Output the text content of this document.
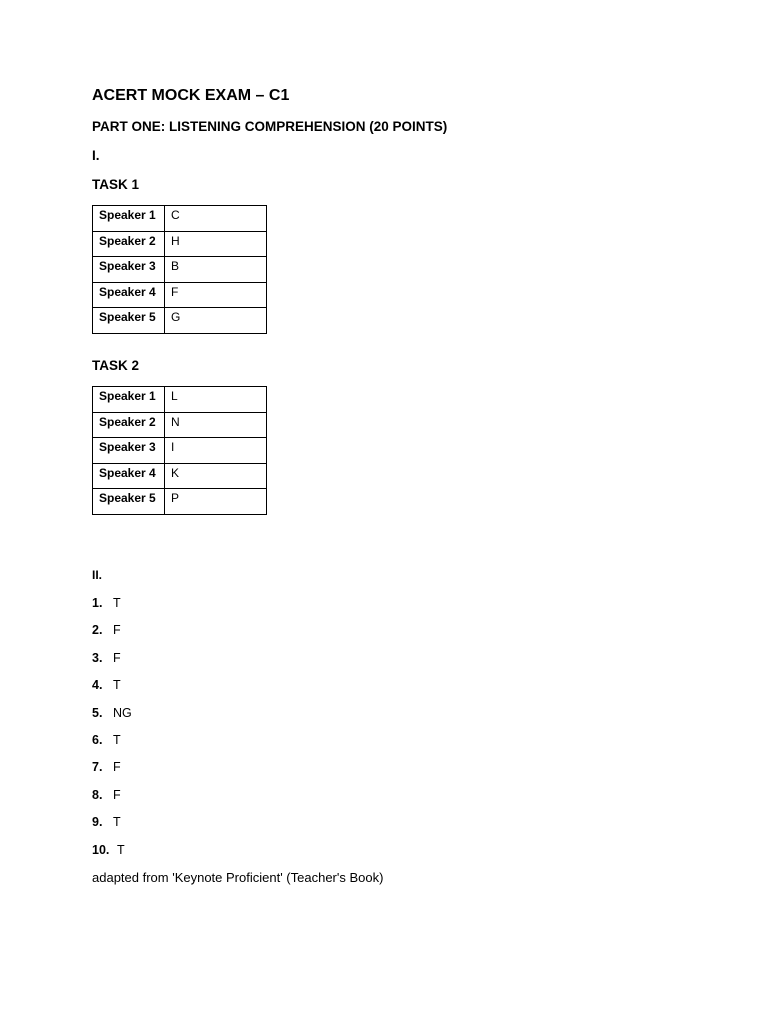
ACERT MOCK EXAM – C1
PART ONE: LISTENING COMPREHENSION (20 POINTS)
I.
TASK 1
Speaker 1	C
Speaker 2	H
Speaker 3	B
Speaker 4	F
Speaker 5	G
TASK 2
Speaker 1	L
Speaker 2	N
Speaker 3	I
Speaker 4	K
Speaker 5	P
II.
1. T
2. F
3. F
4. T
5. NG
6. T
7. F
8. F
9. T
10. T
adapted from 'Keynote Proficient' (Teacher's Book)
